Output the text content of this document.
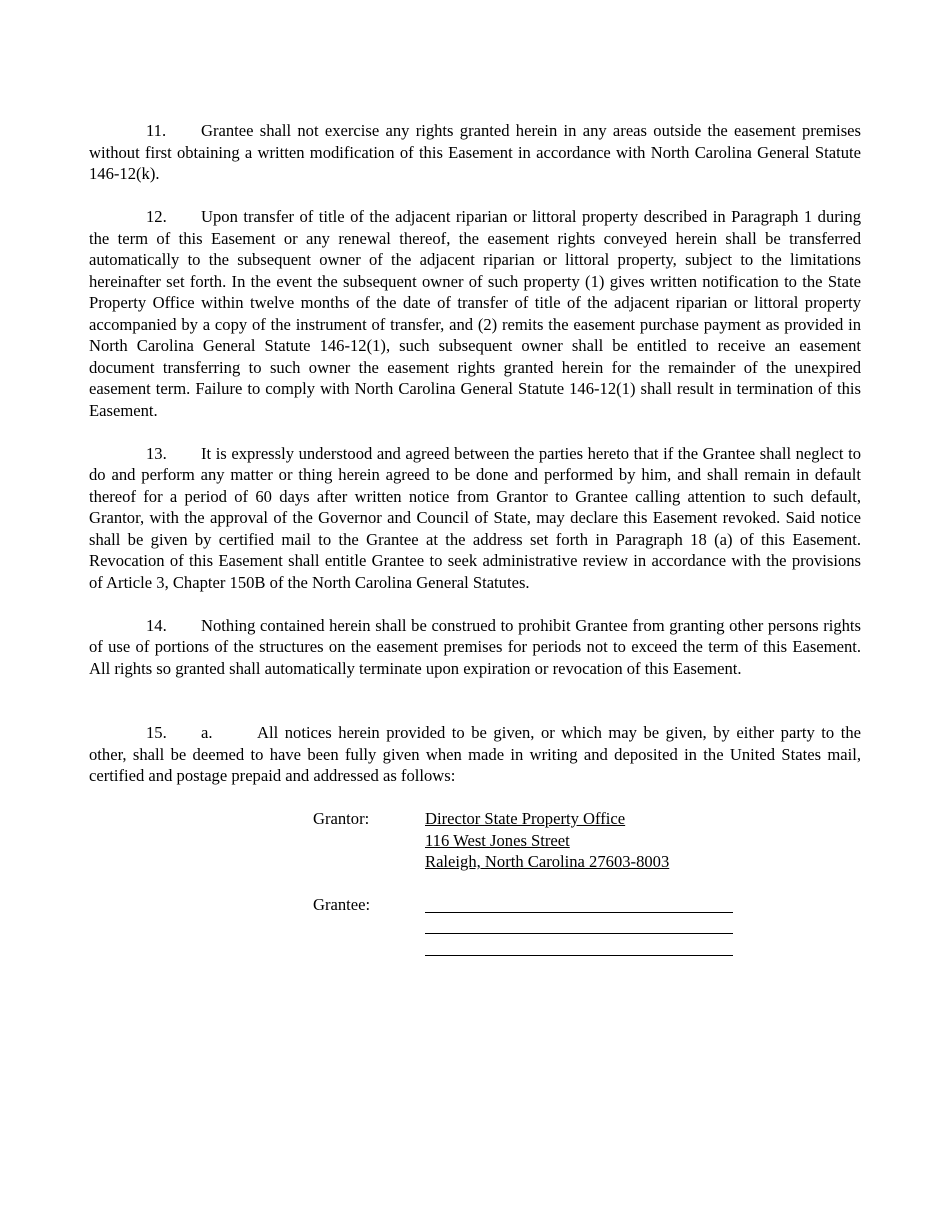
11. Grantee shall not exercise any rights granted herein in any areas outside the easement premises without first obtaining a written modification of this Easement in accordance with North Carolina General Statute 146-12(k).

12. Upon transfer of title of the adjacent riparian or littoral property described in Paragraph 1 during the term of this Easement or any renewal thereof, the easement rights conveyed herein shall be transferred automatically to the subsequent owner of the adjacent riparian or littoral property, subject to the limitations hereinafter set forth. In the event the subsequent owner of such property (1) gives written notification to the State Property Office within twelve months of the date of transfer of title of the adjacent riparian or littoral property accompanied by a copy of the instrument of transfer, and (2) remits the easement purchase payment as provided in North Carolina General Statute 146-12(1), such subsequent owner shall be entitled to receive an easement document transferring to such owner the easement rights granted herein for the remainder of the unexpired easement term. Failure to comply with North Carolina General Statute 146-12(1) shall result in termination of this Easement.

13. It is expressly understood and agreed between the parties hereto that if the Grantee shall neglect to do and perform any matter or thing herein agreed to be done and performed by him, and shall remain in default thereof for a period of 60 days after written notice from Grantor to Grantee calling attention to such default, Grantor, with the approval of the Governor and Council of State, may declare this Easement revoked. Said notice shall be given by certified mail to the Grantee at the address set forth in Paragraph 18 (a) of this Easement. Revocation of this Easement shall entitle Grantee to seek administrative review in accordance with the provisions of Article 3, Chapter 150B of the North Carolina General Statutes.

14. Nothing contained herein shall be construed to prohibit Grantee from granting other persons rights of use of portions of the structures on the easement premises for periods not to exceed the term of this Easement. All rights so granted shall automatically terminate upon expiration or revocation of this Easement.

15. a.	All notices herein provided to be given, or which may be given, by either party to the other, shall be deemed to have been fully given when made in writing and deposited in the United States mail, certified and postage prepaid and addressed as follows:

Grantor:	Director State Property Office
116 West Jones Street
Raleigh, North Carolina 27603-8003
Grantee:
